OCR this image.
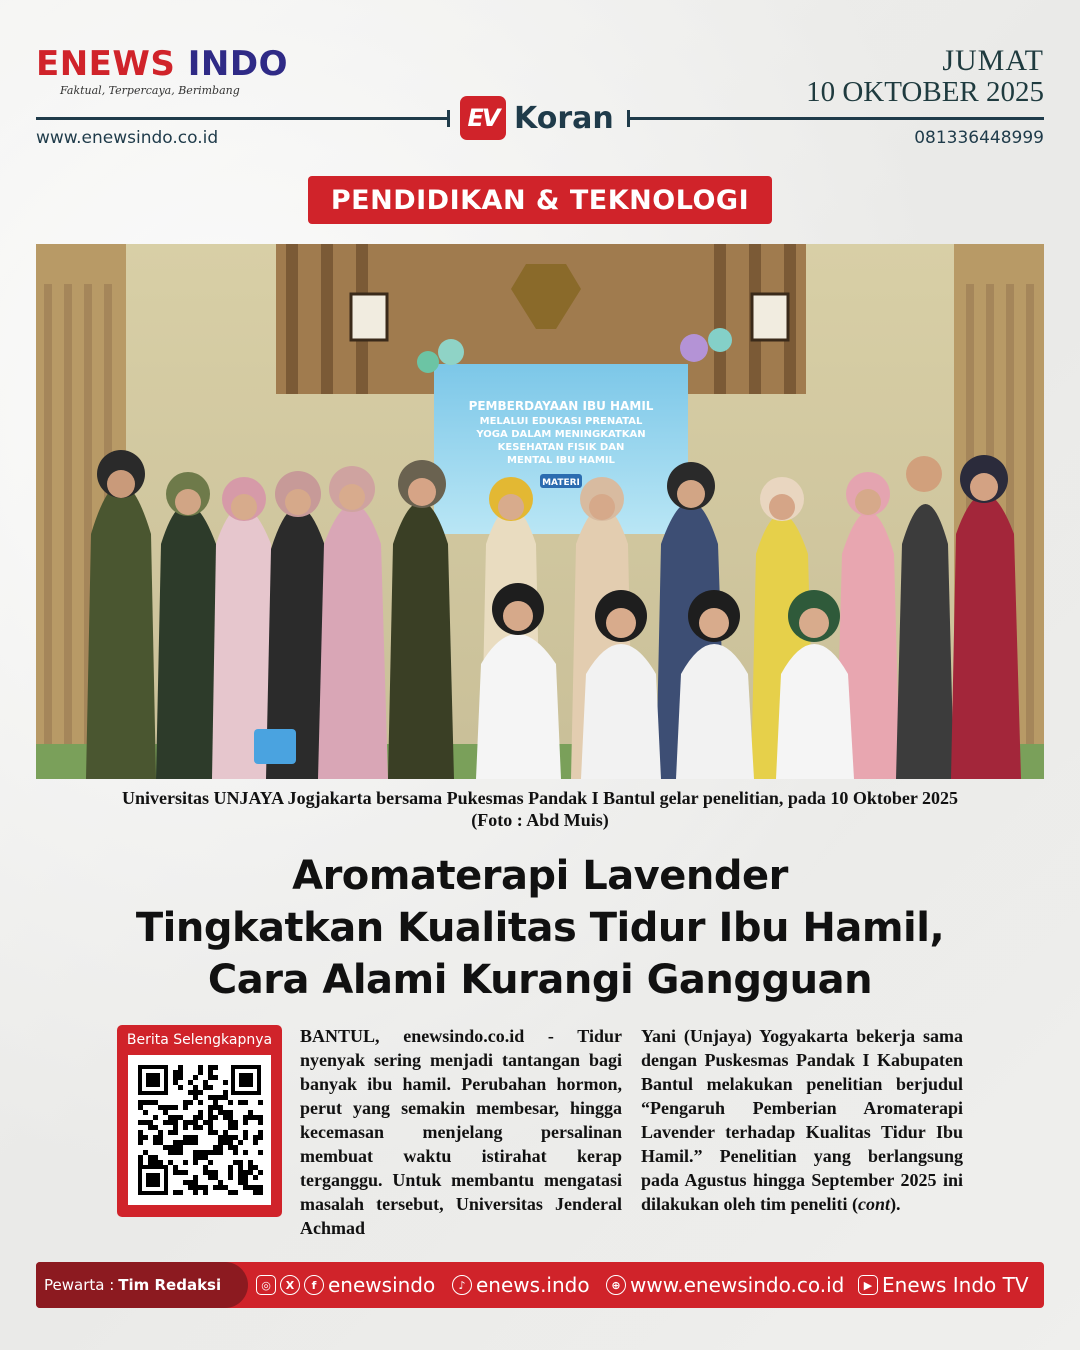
ENEWS INDO
Faktual, Terpercaya, Berimbang
JUMAT
10 OKTOBER 2025
EV Koran
www.enewsindo.co.id	081336448999
PENDIDIKAN & TEKNOLOGI
PEMBERDAYAAN IBU HAMIL
MELALUI EDUKASI PRENATAL
YOGA DALAM MENINGKATKAN
KESEHATAN FISIK DAN
MENTAL IBU HAMIL
MATERI
Universitas UNJAYA Jogjakarta bersama Pukesmas Pandak I Bantul gelar penelitian, pada 10 Oktober 2025
(Foto : Abd Muis)
Aromaterapi Lavender
Tingkatkan Kualitas Tidur Ibu Hamil,
Cara Alami Kurangi Gangguan
Berita Selengkapnya	BANTUL, enewsindo.co.id - Tidur nyenyak sering menjadi tantangan bagi banyak ibu hamil. Perubahan hormon, perut yang semakin membesar, hingga kecemasan menjelang persalinan membuat waktu istirahat kerap terganggu. Untuk membantu mengatasi masalah tersebut, Universitas Jenderal Achmad
Yani (Unjaya) Yogyakarta bekerja sama dengan Puskesmas Pandak I Kabupaten Bantul melakukan penelitian berjudul “Pengaruh Pemberian Aromaterapi Lavender terhadap Kualitas Tidur Ibu Hamil.” Penelitian yang berlangsung pada Agustus hingga September 2025 ini dilakukan oleh tim peneliti (cont).
Pewarta : Tim Redaksi	◎	X	f enewsindo	♪ enews.indo	⊕ www.enewsindo.co.id	▶ Enews Indo TV
